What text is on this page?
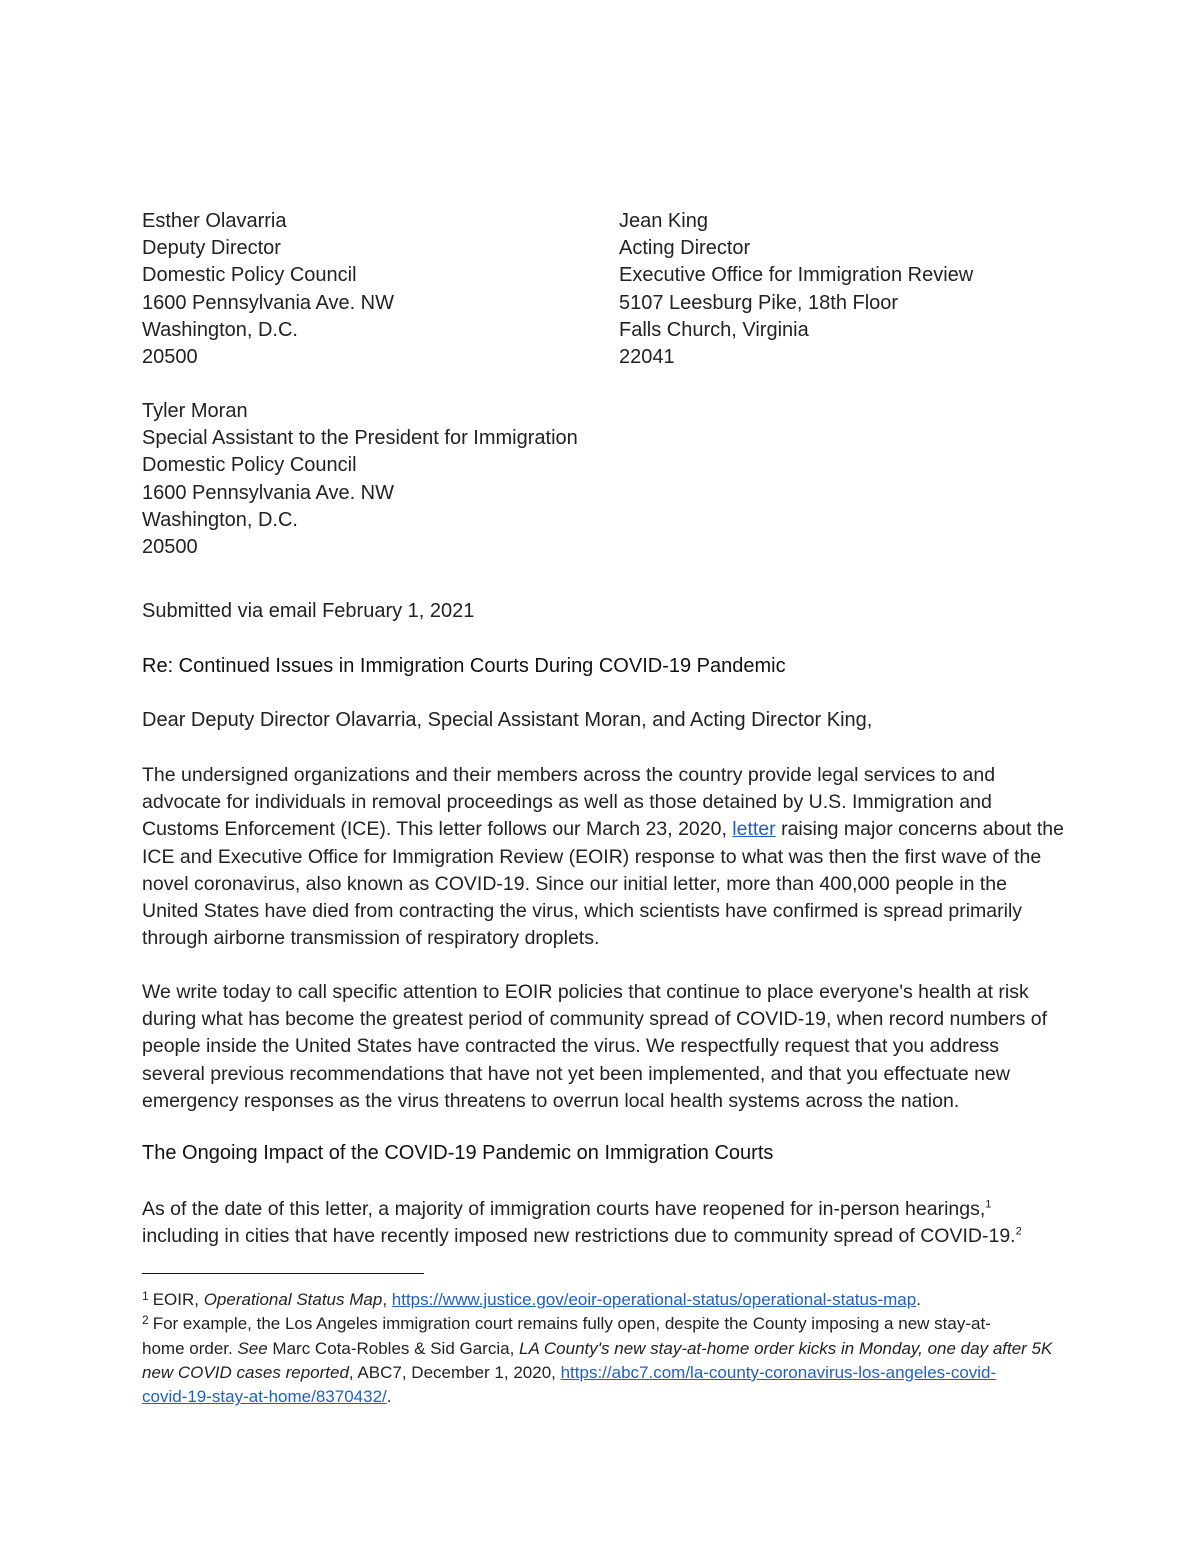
Esther Olavarria
Deputy Director
Domestic Policy Council
1600 Pennsylvania Ave. NW
Washington, D.C.
20500
Jean King
Acting Director
Executive Office for Immigration Review
5107 Leesburg Pike, 18th Floor
Falls Church, Virginia
22041
Tyler Moran
Special Assistant to the President for Immigration
Domestic Policy Council
1600 Pennsylvania Ave. NW
Washington, D.C.
20500
Submitted via email February 1, 2021
Re: Continued Issues in Immigration Courts During COVID-19 Pandemic
Dear Deputy Director Olavarria, Special Assistant Moran, and Acting Director King,
The undersigned organizations and their members across the country provide legal services to and
advocate for individuals in removal proceedings as well as those detained by U.S. Immigration and
Customs Enforcement (ICE). This letter follows our March 23, 2020, letter raising major concerns about the
ICE and Executive Office for Immigration Review (EOIR) response to what was then the first wave of the
novel coronavirus, also known as COVID-19. Since our initial letter, more than 400,000 people in the
United States have died from contracting the virus, which scientists have confirmed is spread primarily
through airborne transmission of respiratory droplets.
We write today to call specific attention to EOIR policies that continue to place everyone's health at risk
during what has become the greatest period of community spread of COVID-19, when record numbers of
people inside the United States have contracted the virus. We respectfully request that you address
several previous recommendations that have not yet been implemented, and that you effectuate new
emergency responses as the virus threatens to overrun local health systems across the nation.
The Ongoing Impact of the COVID-19 Pandemic on Immigration Courts
As of the date of this letter, a majority of immigration courts have reopened for in-person hearings,$^1$
including in cities that have recently imposed new restrictions due to community spread of COVID-19.$^2$
$^1$ EOIR, Operational Status Map, https://www.justice.gov/eoir-operational-status/operational-status-map.
$^2$ For example, the Los Angeles immigration court remains fully open, despite the County imposing a new stay-at-
home order. See Marc Cota-Robles & Sid Garcia, LA County's new stay-at-home order kicks in Monday, one day after 5K
new COVID cases reported, ABC7, December 1, 2020, https://abc7.com/la-county-coronavirus-los-angeles-covid-
covid-19-stay-at-home/8370432/.
